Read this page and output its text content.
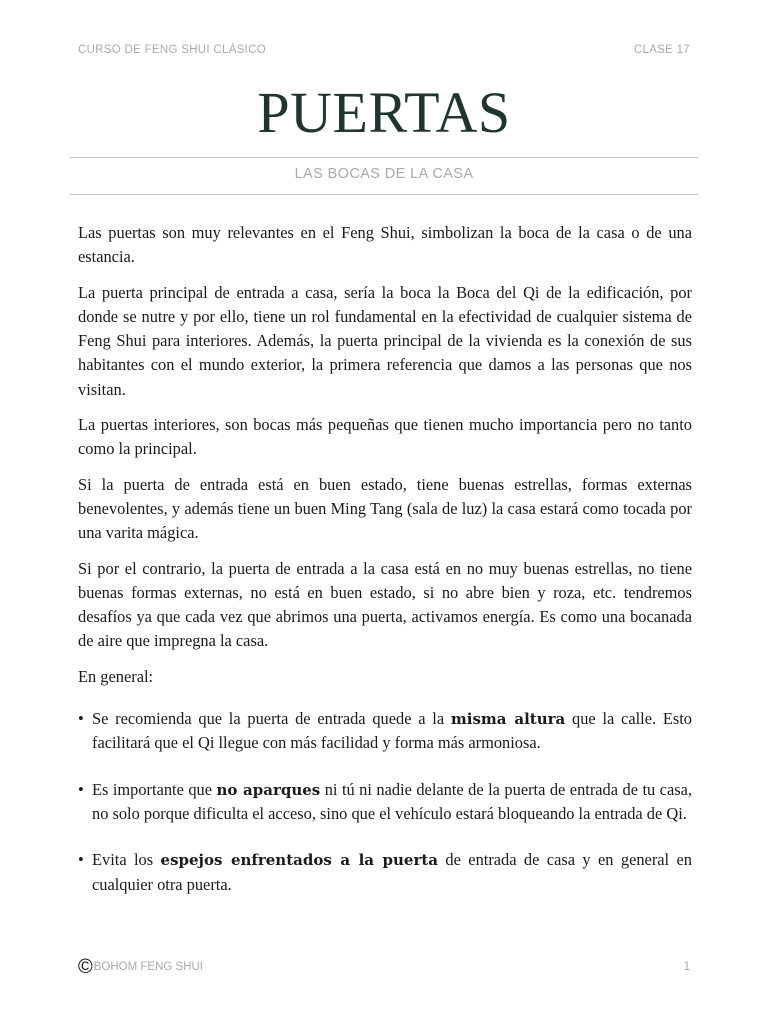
CURSO DE FENG SHUI CLÁSICO	CLASE 17
PUERTAS
LAS BOCAS DE LA CASA

Las puertas son muy relevantes en el Feng Shui, simbolizan la boca de la casa o de una estancia.

La puerta principal de entrada a casa, sería la boca la Boca del Qi de la edificación, por donde se nutre y por ello, tiene un rol fundamental en la efectividad de cualquier sistema de Feng Shui para interiores. Además, la puerta principal de la vivienda es la conexión de sus habitantes con el mundo exterior, la primera referencia que damos a las personas que nos visitan.

La puertas interiores, son bocas más pequeñas que tienen mucho importancia pero no tanto como la principal.

Si la puerta de entrada está en buen estado, tiene buenas estrellas, formas externas benevolentes, y además tiene un buen Ming Tang (sala de luz) la casa estará como tocada por una varita mágica.

Si por el contrario, la puerta de entrada a la casa está en no muy buenas estrellas, no tiene buenas formas externas, no está en buen estado, si no abre bien y roza, etc. tendremos desafíos ya que cada vez que abrimos una puerta, activamos energía. Es como una bocanada de aire que impregna la casa.

En general:

• Se recomienda que la puerta de entrada quede a la misma altura que la calle. Esto facilitará que el Qi llegue con más facilidad y forma más armoniosa.
• Es importante que no aparques ni tú ni nadie delante de la puerta de entrada de tu casa, no solo porque dificulta el acceso, sino que el vehículo estará bloqueando la entrada de Qi.
• Evita los espejos enfrentados a la puerta de entrada de casa y en general en cualquier otra puerta.
© BOHOM FENG SHUI	1
